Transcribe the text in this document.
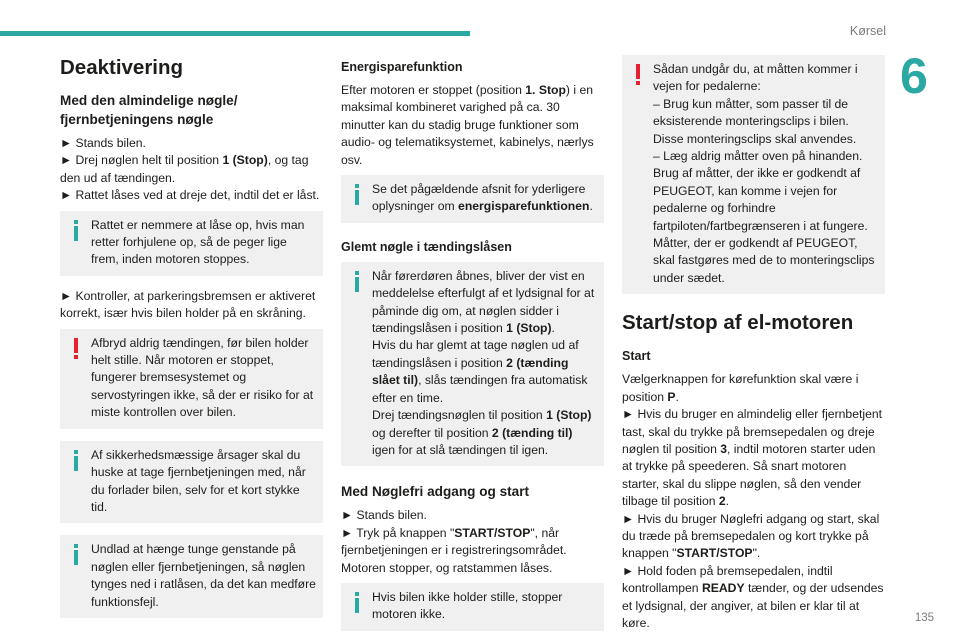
Kørsel
6
135
Deaktivering
Med den almindelige nøgle/ fjernbetjeningens nøgle

► Stands bilen.
► Drej nøglen helt til position 1 (Stop), og tag den ud af tændingen.
► Rattet låses ved at dreje det, indtil det er låst.

Rattet er nemmere at låse op, hvis man retter forhjulene op, så de peger lige frem, inden motoren stoppes.

► Kontroller, at parkeringsbremsen er aktiveret korrekt, især hvis bilen holder på en skråning.

Afbryd aldrig tændingen, før bilen holder helt stille. Når motoren er stoppet, fungerer bremsesystemet og servostyringen ikke, så der er risiko for at miste kontrollen over bilen.
Af sikkerhedsmæssige årsager skal du huske at tage fjernbetjeningen med, når du forlader bilen, selv for et kort stykke tid.
Undlad at hænge tunge genstande på nøglen eller fjernbetjeningen, så nøglen tynges ned i ratlåsen, da det kan medføre funktionsfejl.
Energisparefunktion

Efter motoren er stoppet (position 1. Stop) i en maksimal kombineret varighed på ca. 30 minutter kan du stadig bruge funktioner som audio- og telematiksystemet, kabinelys, nærlys osv.

Se det pågældende afsnit for yderligere oplysninger om energisparefunktionen.
Glemt nøgle i tændingslåsen
Når førerdøren åbnes, bliver der vist en meddelelse efterfulgt af et lydsignal for at påminde dig om, at nøglen sidder i tændingslåsen i position 1 (Stop).
Hvis du har glemt at tage nøglen ud af tændingslåsen i position 2 (tænding slået til), slås tændingen fra automatisk efter en time.
Drej tændingsnøglen til position 1 (Stop) og derefter til position 2 (tænding til) igen for at slå tændingen til igen.
Med Nøglefri adgang og start

► Stands bilen.
► Tryk på knappen "START/STOP", når fjernbetjeningen er i registreringsområdet.
Motoren stopper, og ratstammen låses.

Hvis bilen ikke holder stille, stopper motoren ikke.
Sådan undgår du, at måtten kommer i vejen for pedalerne:
– Brug kun måtter, som passer til de eksisterende monteringsclips i bilen. Disse monteringsclips skal anvendes.
– Læg aldrig måtter oven på hinanden.
Brug af måtter, der ikke er godkendt af PEUGEOT, kan komme i vejen for pedalerne og forhindre fartpiloten/fartbegrænseren i at fungere.
Måtter, der er godkendt af PEUGEOT, skal fastgøres med de to monteringsclips under sædet.
Start/stop af el-motoren
Start

Vælgerknappen for kørefunktion skal være i position P.
► Hvis du bruger en almindelig eller fjernbetjent tast, skal du trykke på bremsepedalen og dreje nøglen til position 3, indtil motoren starter uden at trykke på speederen. Så snart motoren starter, skal du slippe nøglen, så den vender tilbage til position 2.
► Hvis du bruger Nøglefri adgang og start, skal du træde på bremsepedalen og kort trykke på knappen "START/STOP".
► Hold foden på bremsepedalen, indtil kontrollampen READY tænder, og der udsendes et lydsignal, der angiver, at bilen er klar til at køre.
